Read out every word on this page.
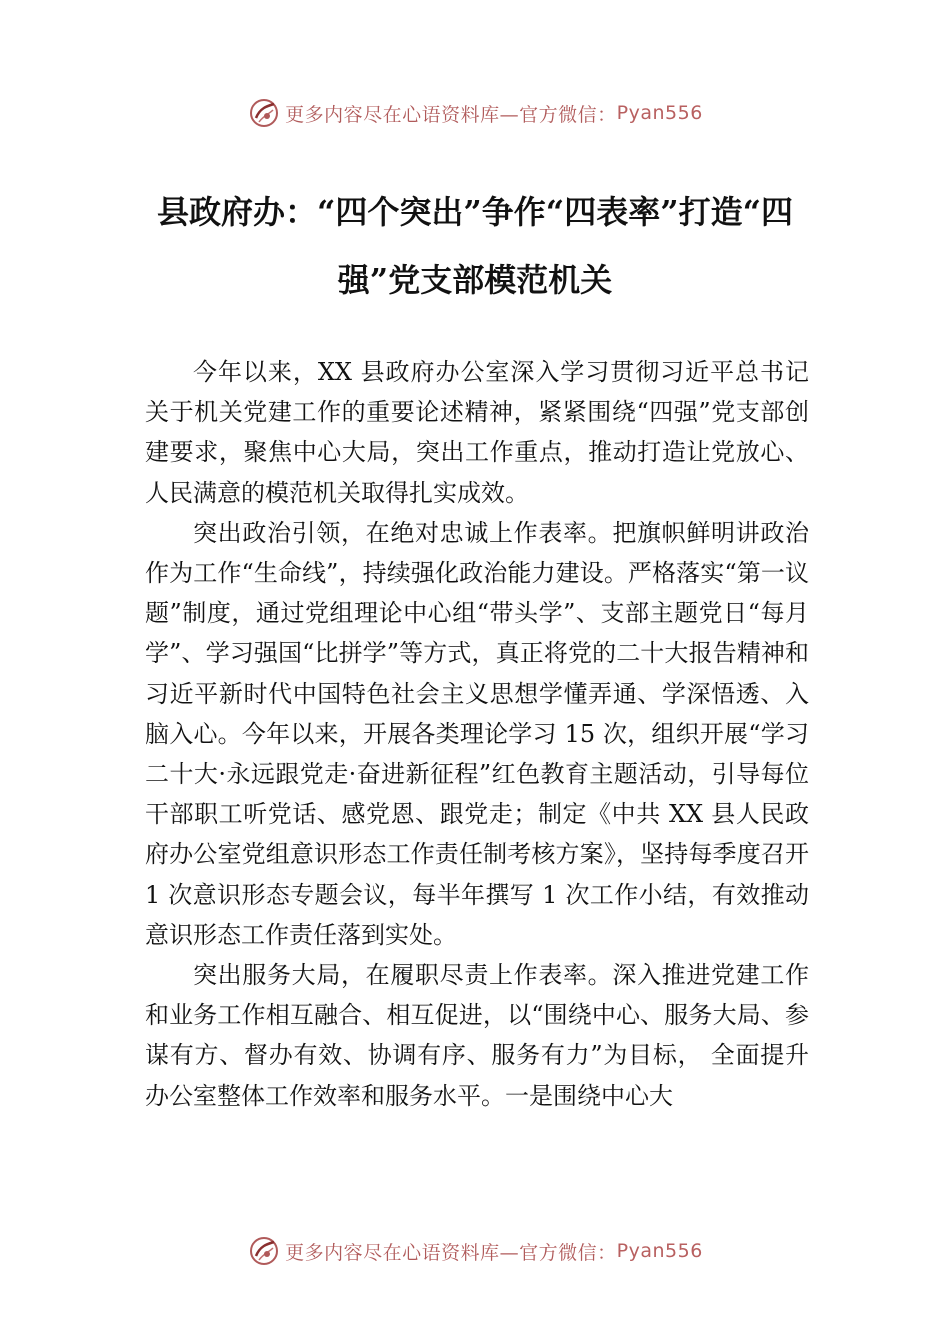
更多内容尽在心语资料库—官方微信： Pyan556
县政府办：“四个突出”争作“四表率”打造“四强”党支部模范机关

今年以来，XX 县政府办公室深入学习贯彻习近平总书记关于机关党建工作的重要论述精神，紧紧围绕“四强”党支部创建要求，聚焦中心大局，突出工作重点，推动打造让党放心、人民满意的模范机关取得扎实成效。

突出政治引领，在绝对忠诚上作表率。把旗帜鲜明讲政治作为工作“生命线”，持续强化政治能力建设。严格落实“第一议题”制度，通过党组理论中心组“带头学”、支部主题党日“每月学”、学习强国“比拼学”等方式，真正将党的二十大报告精神和习近平新时代中国特色社会主义思想学懂弄通、学深悟透、入脑入心。今年以来，开展各类理论学习 15 次，组织开展“学习二十大·永远跟党走·奋进新征程”红色教育主题活动，引导每位干部职工听党话、感党恩、跟党走；制定《中共 XX 县人民政府办公室党组意识形态工作责任制考核方案》，坚持每季度召开 1 次意识形态专题会议，每半年撰写 1 次工作小结，有效推动意识形态工作责任落到实处。

突出服务大局，在履职尽责上作表率。深入推进党建工作和业务工作相互融合、相互促进，以“围绕中心、服务大局、参谋有方、督办有效、协调有序、服务有力”为目标， 全面提升办公室整体工作效率和服务水平。一是围绕中心大

更多内容尽在心语资料库—官方微信： Pyan556
